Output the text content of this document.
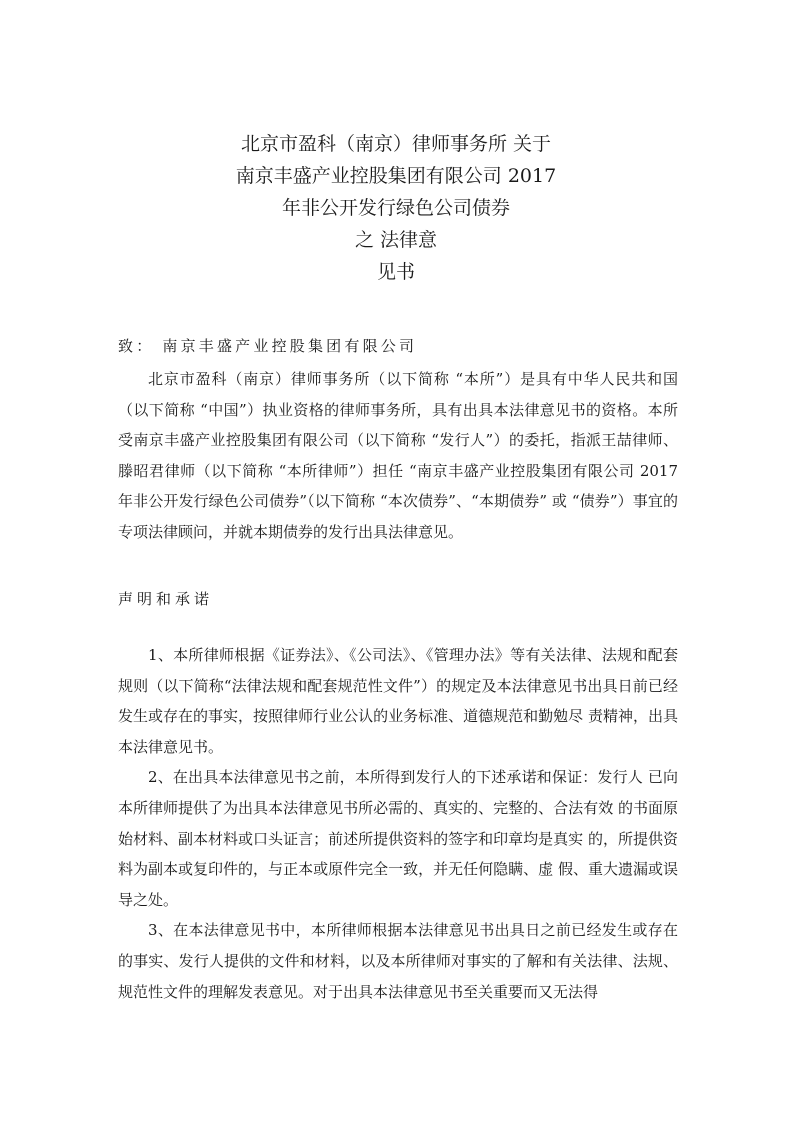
北京市盈科（南京）律师事务所 关于
南京丰盛产业控股集团有限公司 2017
年非公开发行绿色公司债券
之 法律意
见书
致： 南京丰盛产业控股集团有限公司

北京市盈科（南京）律师事务所（以下简称 “本所”）是具有中华人民共和国（以下简称 “中国”）执业资格的律师事务所，具有出具本法律意见书的资格。本所受南京丰盛产业控股集团有限公司（以下简称 “发行人”）的委托，指派王喆律师、滕昭君律师（以下简称 “本所律师”）担任 “南京丰盛产业控股集团有限公司 2017 年非公开发行绿色公司债券”（以下简称 “本次债券”、“本期债券” 或 “债券”）事宜的专项法律顾问，并就本期债券的发行出具法律意见。

声明和承诺

1、本所律师根据《证券法》、《公司法》、《管理办法》等有关法律、法规和配套规则（以下简称“法律法规和配套规范性文件”）的规定及本法律意见书出具日前已经发生或存在的事实，按照律师行业公认的业务标准、道德规范和勤勉尽 责精神，出具本法律意见书。

2、在出具本法律意见书之前，本所得到发行人的下述承诺和保证：发行人 已向本所律师提供了为出具本法律意见书所必需的、真实的、完整的、合法有效 的书面原始材料、副本材料或口头证言；前述所提供资料的签字和印章均是真实 的，所提供资料为副本或复印件的，与正本或原件完全一致，并无任何隐瞒、虚 假、重大遗漏或误导之处。

3、在本法律意见书中，本所律师根据本法律意见书出具日之前已经发生或存在的事实、发行人提供的文件和材料，以及本所律师对事实的了解和有关法律、法规、规范性文件的理解发表意见。对于出具本法律意见书至关重要而又无法得
